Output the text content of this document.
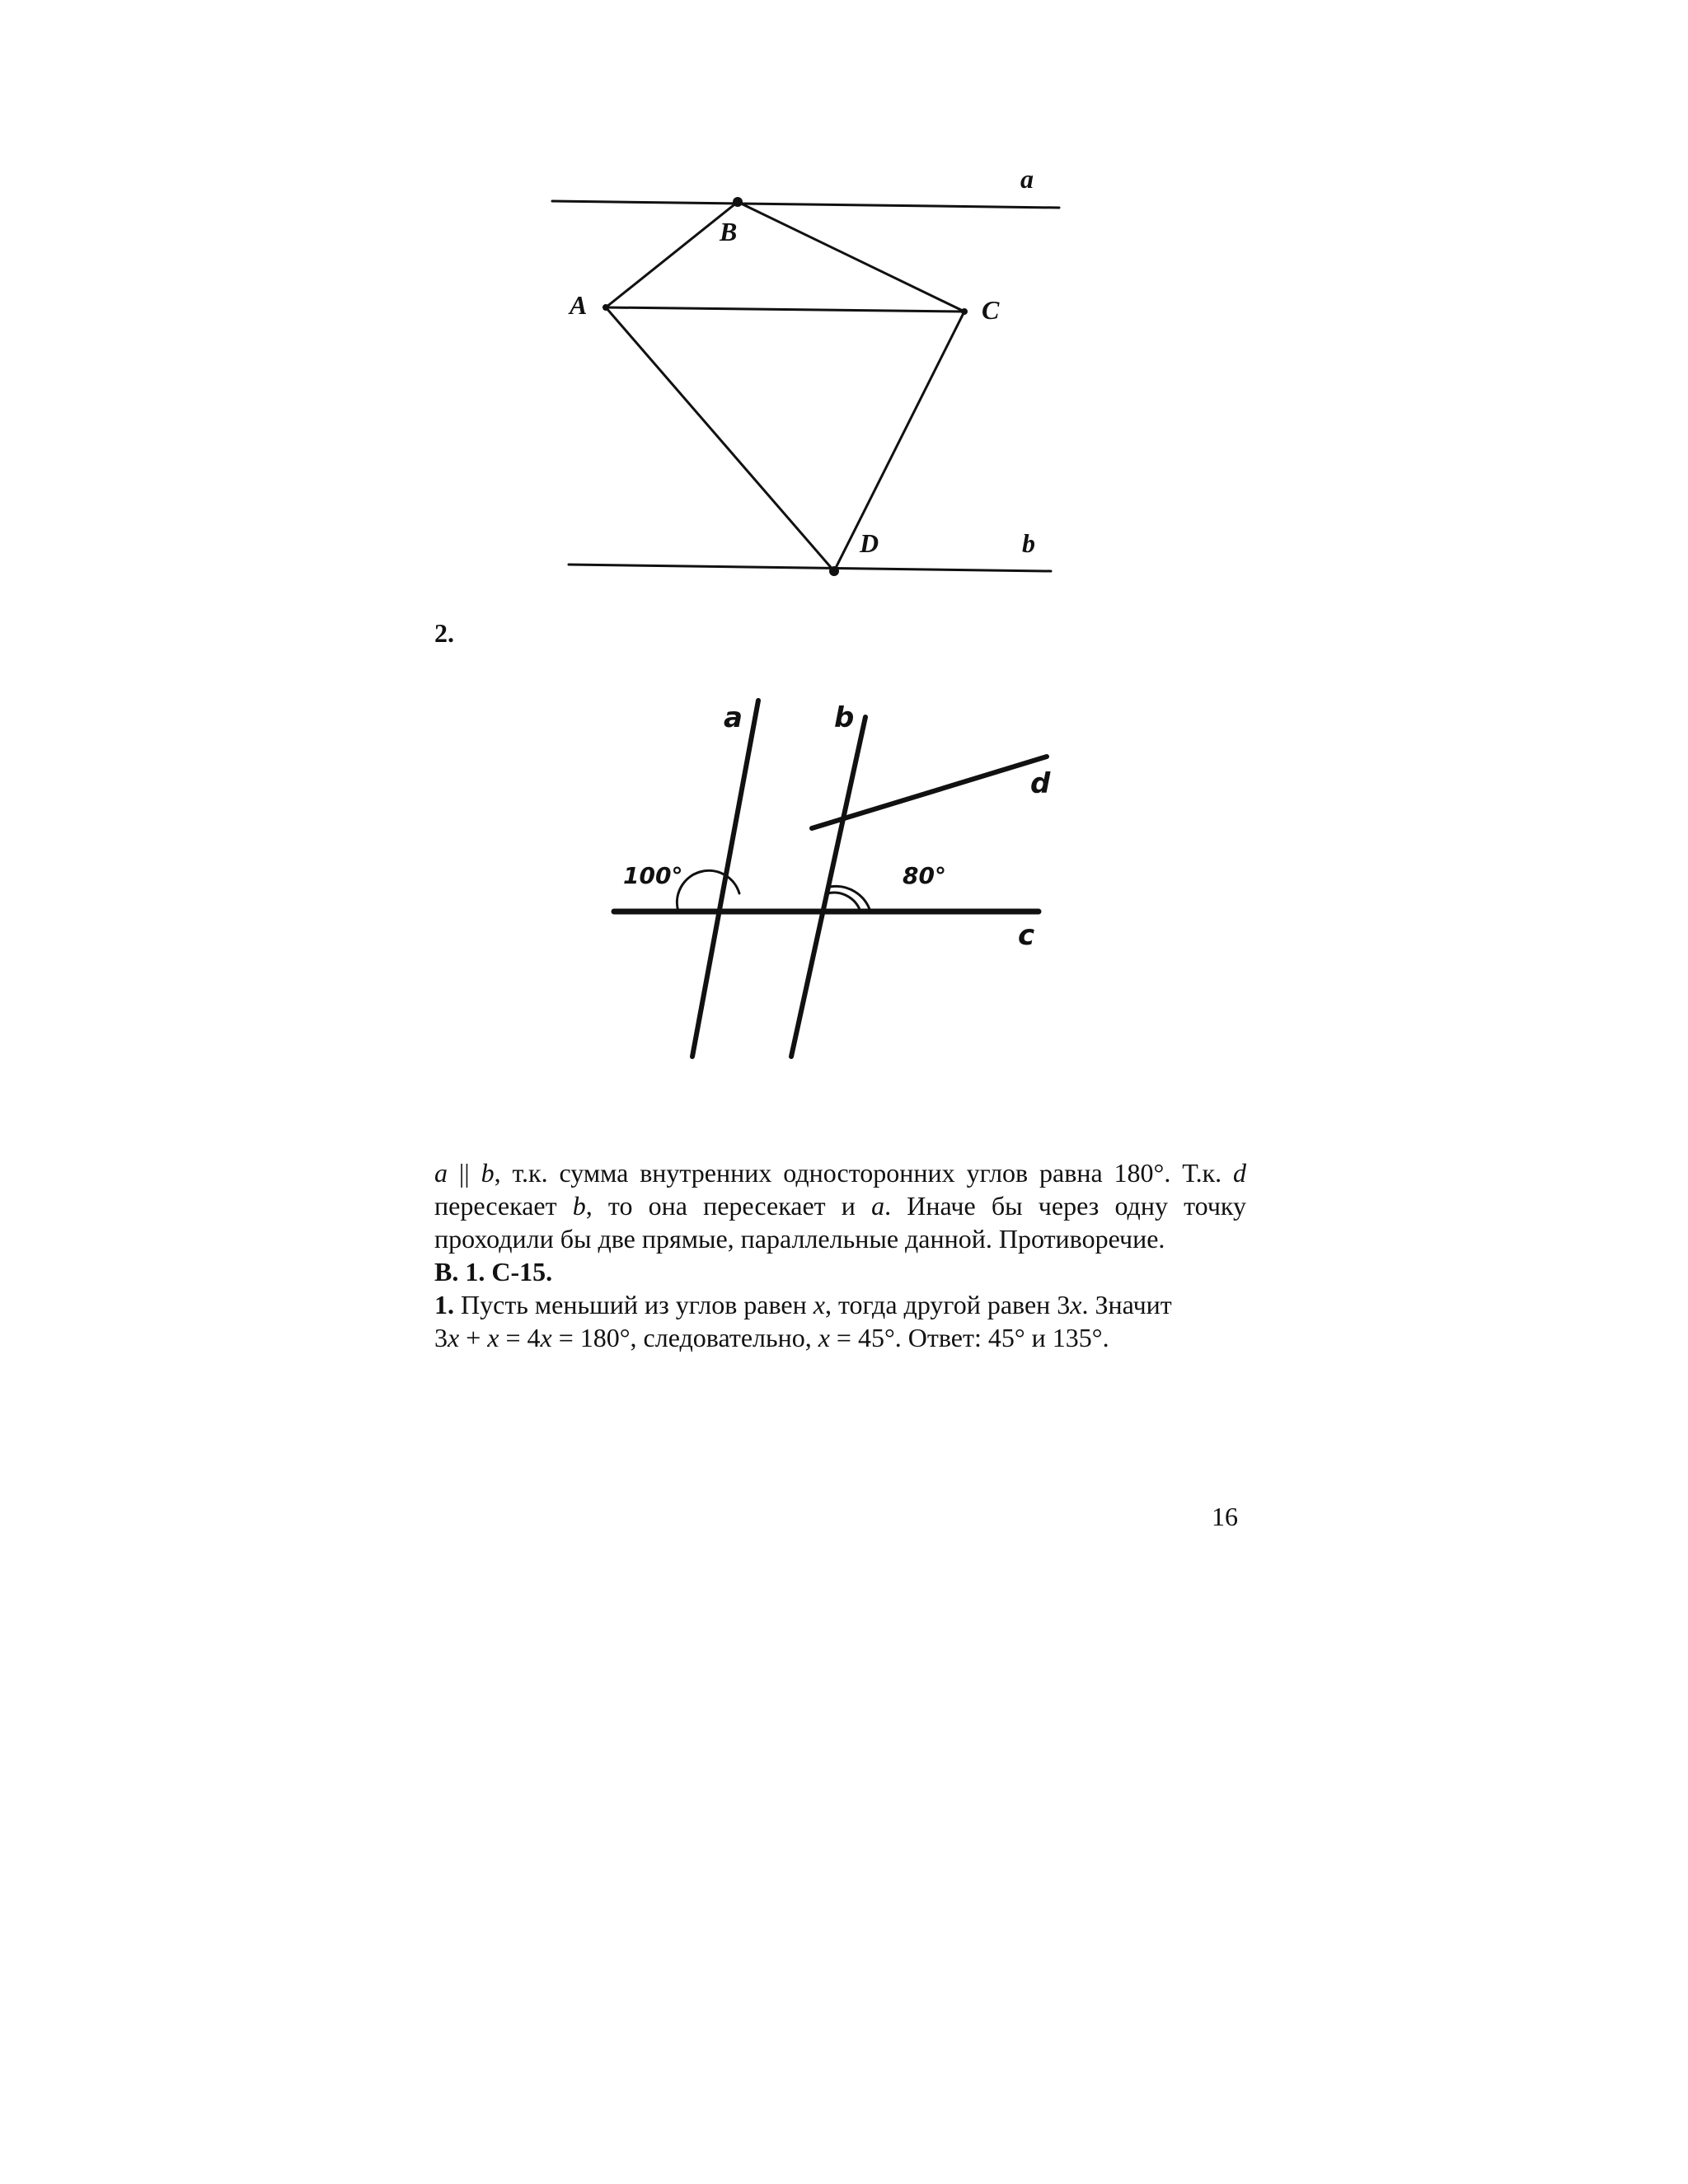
a
B
A	C
D	b

2.

a	b
d
c
100°	80°

a || b, т.к. сумма внутренних односторонних углов равна 180°. Т.к. d пересекает b, то она пересекает и a. Иначе бы через одну точку проходили бы две прямые, параллельные данной. Противоречие.

В. 1. С-15.

1. Пусть меньший из углов равен x, тогда другой равен 3x. Значит

3x + x = 4x = 180°, следовательно, x = 45°. Ответ: 45° и 135°.

16
